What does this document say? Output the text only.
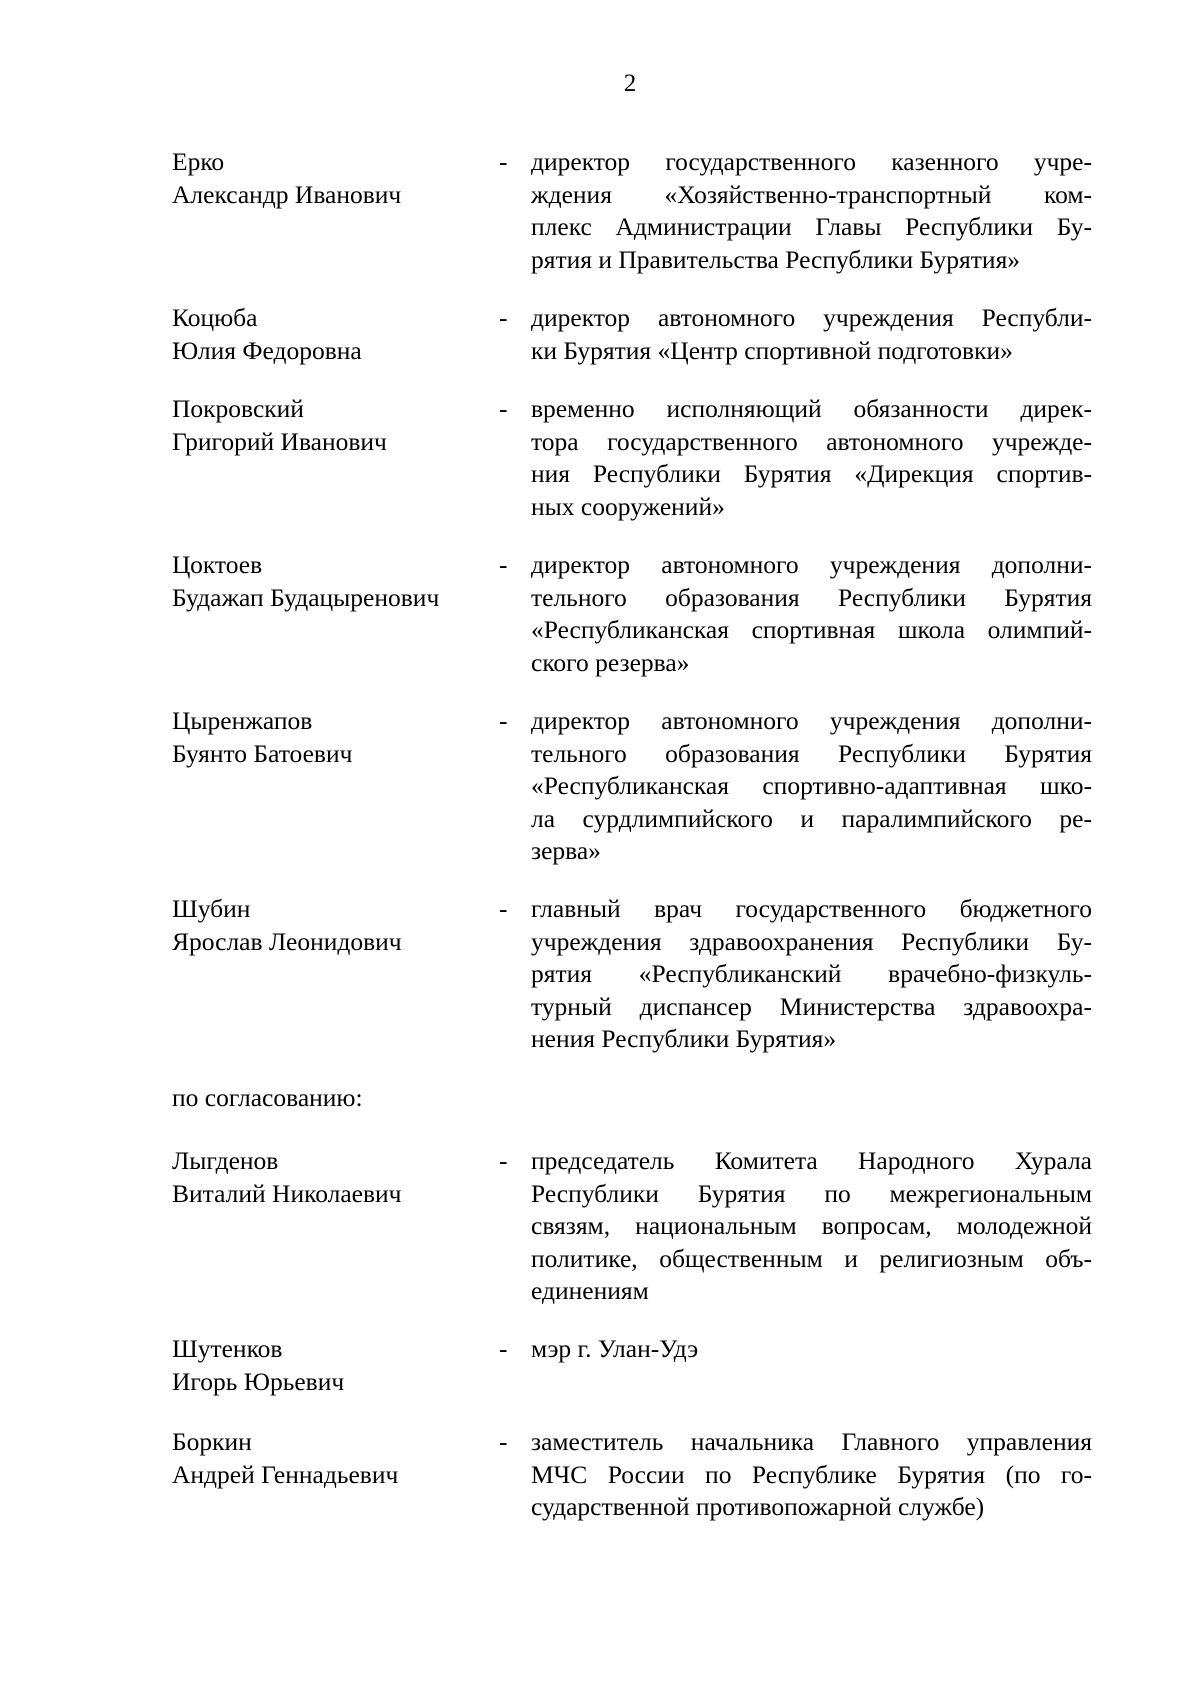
2
Ерко
Александр Иванович
- директор государственного казенного учре-
ждения «Хозяйственно-транспортный ком-
плекс Администрации Главы Республики Бу-
рятия и Правительства Республики Бурятия»
Коцюба
Юлия Федоровна
- директор автономного учреждения Республи-
ки Бурятия «Центр спортивной подготовки»
Покровский
Григорий Иванович
- временно исполняющий обязанности дирек-
тора государственного автономного учрежде-
ния Республики Бурятия «Дирекция спортив-
ных сооружений»
Цоктоев
Будажап Будацыренович
- директор автономного учреждения дополни-
тельного образования Республики Бурятия
«Республиканская спортивная школа олимпий-
ского резерва»
Цыренжапов
Буянто Батоевич
- директор автономного учреждения дополни-
тельного образования Республики Бурятия
«Республиканская спортивно-адаптивная шко-
ла сурдлимпийского и паралимпийского ре-
зерва»
Шубин
Ярослав Леонидович
- главный врач государственного бюджетного
учреждения здравоохранения Республики Бу-
рятия «Республиканский врачебно-физкуль-
турный диспансер Министерства здравоохра-
нения Республики Бурятия»
по согласованию:
Лыгденов
Виталий Николаевич
- председатель Комитета Народного Хурала
Республики Бурятия по межрегиональным
связям, национальным вопросам, молодежной
политике, общественным и религиозным объ-
единениям
Шутенков
Игорь Юрьевич
- мэр г. Улан-Удэ
Боркин
Андрей Геннадьевич
- заместитель начальника Главного управления
МЧС России по Республике Бурятия (по го-
сударственной противопожарной службе)
